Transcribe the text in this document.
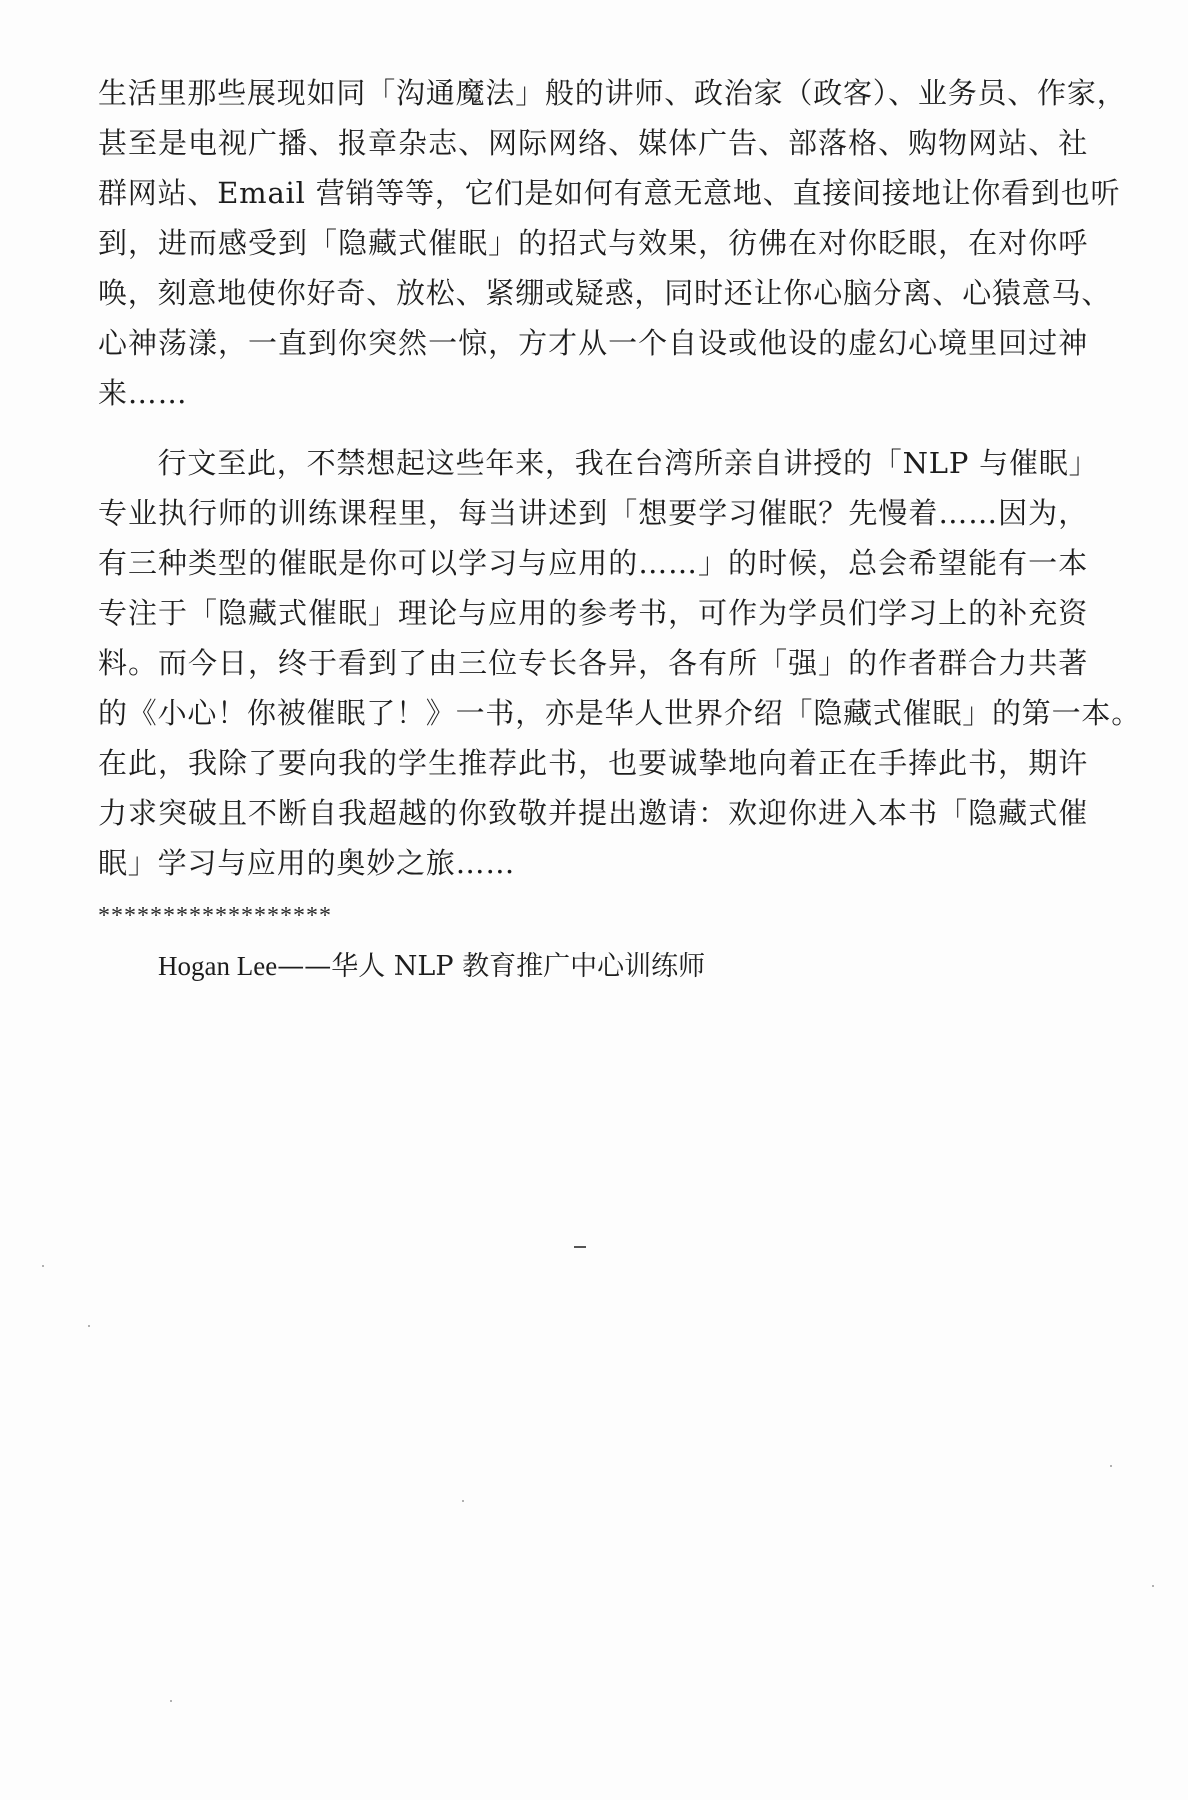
生活里那些展现如同「沟通魔法」般的讲师、政治家（政客）、业务员、作家，
甚至是电视广播、报章杂志、网际网络、媒体广告、部落格、购物网站、社
群网站、Email 营销等等，它们是如何有意无意地、直接间接地让你看到也听
到，进而感受到「隐藏式催眠」的招式与效果，彷佛在对你眨眼，在对你呼
唤，刻意地使你好奇、放松、紧绷或疑惑，同时还让你心脑分离、心猿意马、
心神荡漾，一直到你突然一惊，方才从一个自设或他设的虚幻心境里回过神
来……

　　行文至此，不禁想起这些年来，我在台湾所亲自讲授的「NLP 与催眠」
专业执行师的训练课程里，每当讲述到「想要学习催眠？先慢着……因为，
有三种类型的催眠是你可以学习与应用的……」的时候，总会希望能有一本
专注于「隐藏式催眠」理论与应用的参考书，可作为学员们学习上的补充资
料。而今日，终于看到了由三位专长各异，各有所「强」的作者群合力共著
的《小心！你被催眠了！》一书，亦是华人世界介绍「隐藏式催眠」的第一本。
在此，我除了要向我的学生推荐此书，也要诚挚地向着正在手捧此书，期许
力求突破且不断自我超越的你致敬并提出邀请：欢迎你进入本书「隐藏式催
眠」学习与应用的奥妙之旅……

******************
Hogan Lee——华人 NLP 教育推广中心训练师
